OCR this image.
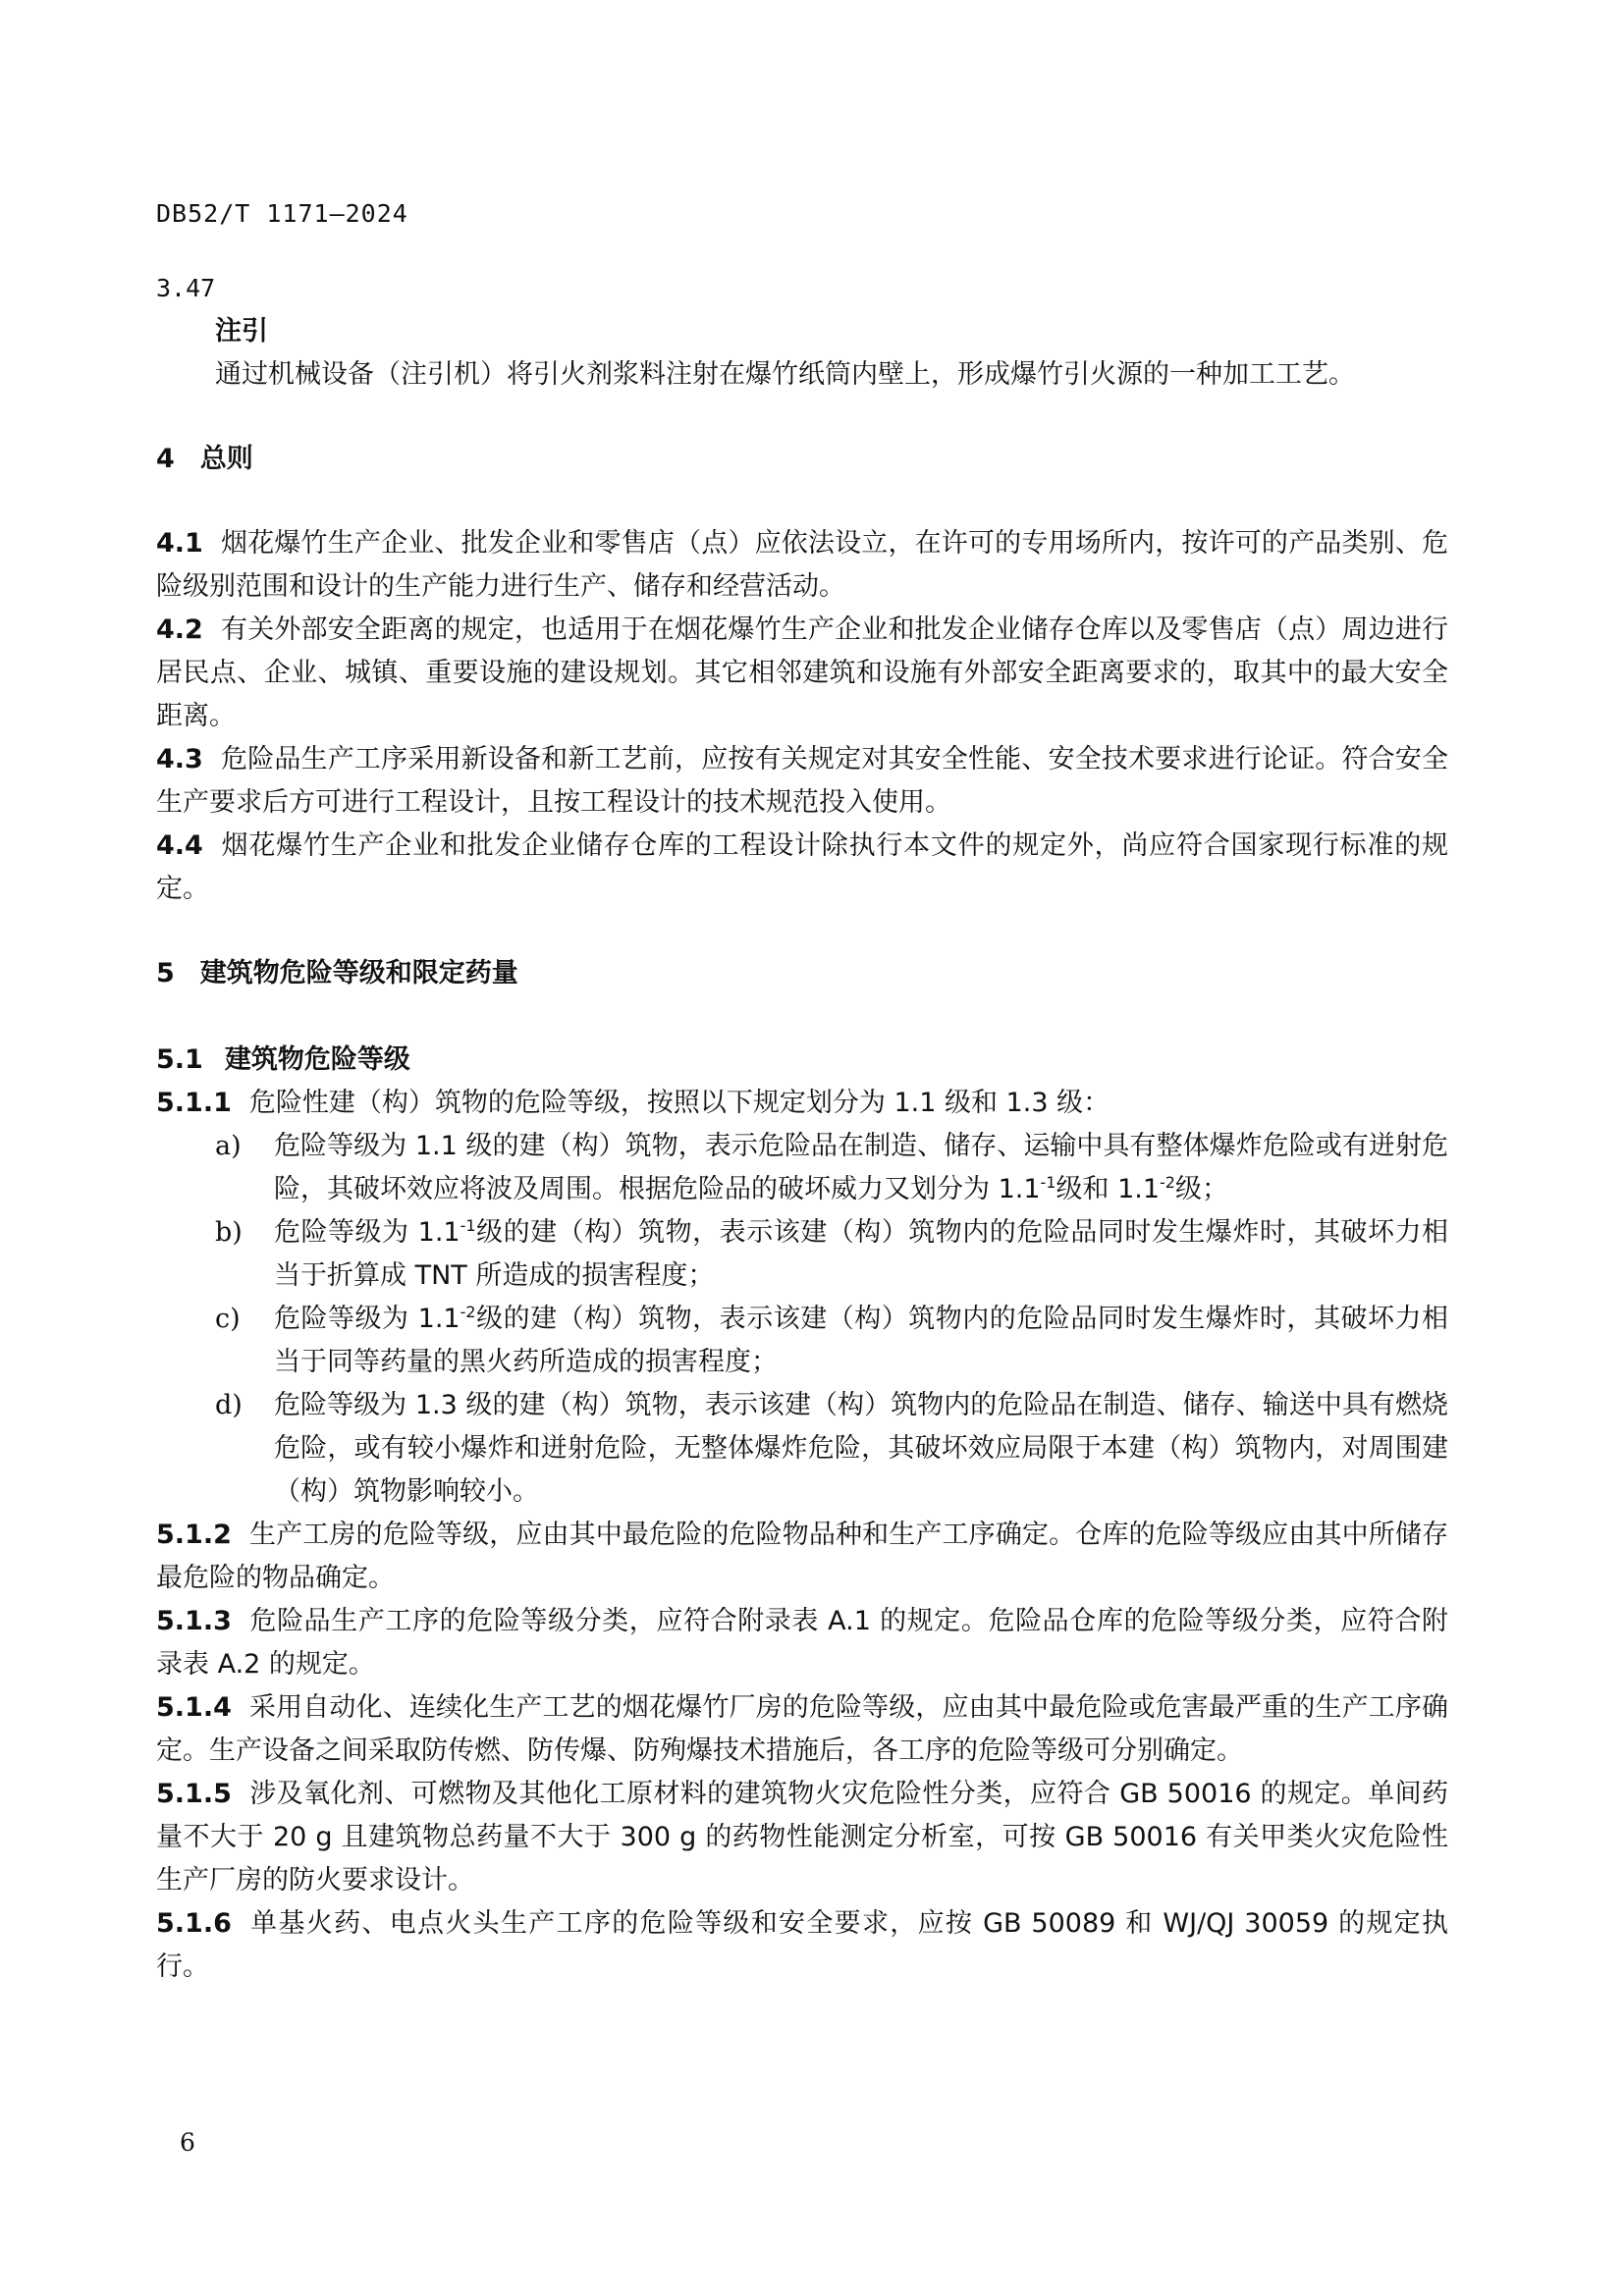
DB52/T 1171—2024
3.47
注引
通过机械设备（注引机）将引火剂浆料注射在爆竹纸筒内壁上，形成爆竹引火源的一种加工工艺。
4 总则

4.1 烟花爆竹生产企业、批发企业和零售店（点）应依法设立，在许可的专用场所内，按许可的产品类别、危险级别范围和设计的生产能力进行生产、储存和经营活动。

4.2 有关外部安全距离的规定，也适用于在烟花爆竹生产企业和批发企业储存仓库以及零售店（点）周边进行居民点、企业、城镇、重要设施的建设规划。其它相邻建筑和设施有外部安全距离要求的，取其中的最大安全距离。

4.3 危险品生产工序采用新设备和新工艺前，应按有关规定对其安全性能、安全技术要求进行论证。符合安全生产要求后方可进行工程设计，且按工程设计的技术规范投入使用。

4.4 烟花爆竹生产企业和批发企业储存仓库的工程设计除执行本文件的规定外，尚应符合国家现行标准的规定。

5 建筑物危险等级和限定药量
5.1 建筑物危险等级

5.1.1 危险性建（构）筑物的危险等级，按照以下规定划分为 1.1 级和 1.3 级：

a) 危险等级为 1.1 级的建（构）筑物，表示危险品在制造、储存、运输中具有整体爆炸危险或有迸射危险，其破坏效应将波及周围。根据危险品的破坏威力又划分为 $1.1^{-1}$级和 $1.1^{-2}$级；
b) 危险等级为 $1.1^{-1}$级的建（构）筑物，表示该建（构）筑物内的危险品同时发生爆炸时，其破坏力相当于折算成 TNT 所造成的损害程度；
c) 危险等级为 $1.1^{-2}$级的建（构）筑物，表示该建（构）筑物内的危险品同时发生爆炸时，其破坏力相当于同等药量的黑火药所造成的损害程度；
d) 危险等级为 1.3 级的建（构）筑物，表示该建（构）筑物内的危险品在制造、储存、输送中具有燃烧危险，或有较小爆炸和迸射危险，无整体爆炸危险，其破坏效应局限于本建（构）筑物内，对周围建（构）筑物影响较小。

5.1.2 生产工房的危险等级，应由其中最危险的危险物品种和生产工序确定。仓库的危险等级应由其中所储存最危险的物品确定。

5.1.3 危险品生产工序的危险等级分类，应符合附录表 A.1 的规定。危险品仓库的危险等级分类，应符合附录表 A.2 的规定。

5.1.4 采用自动化、连续化生产工艺的烟花爆竹厂房的危险等级，应由其中最危险或危害最严重的生产工序确定。生产设备之间采取防传燃、防传爆、防殉爆技术措施后，各工序的危险等级可分别确定。

5.1.5 涉及氧化剂、可燃物及其他化工原材料的建筑物火灾危险性分类，应符合 GB 50016 的规定。单间药量不大于 20 g 且建筑物总药量不大于 300 g 的药物性能测定分析室，可按 GB 50016 有关甲类火灾危险性生产厂房的防火要求设计。

5.1.6 单基火药、电点火头生产工序的危险等级和安全要求，应按 GB 50089 和 WJ/QJ 30059 的规定执行。

6
